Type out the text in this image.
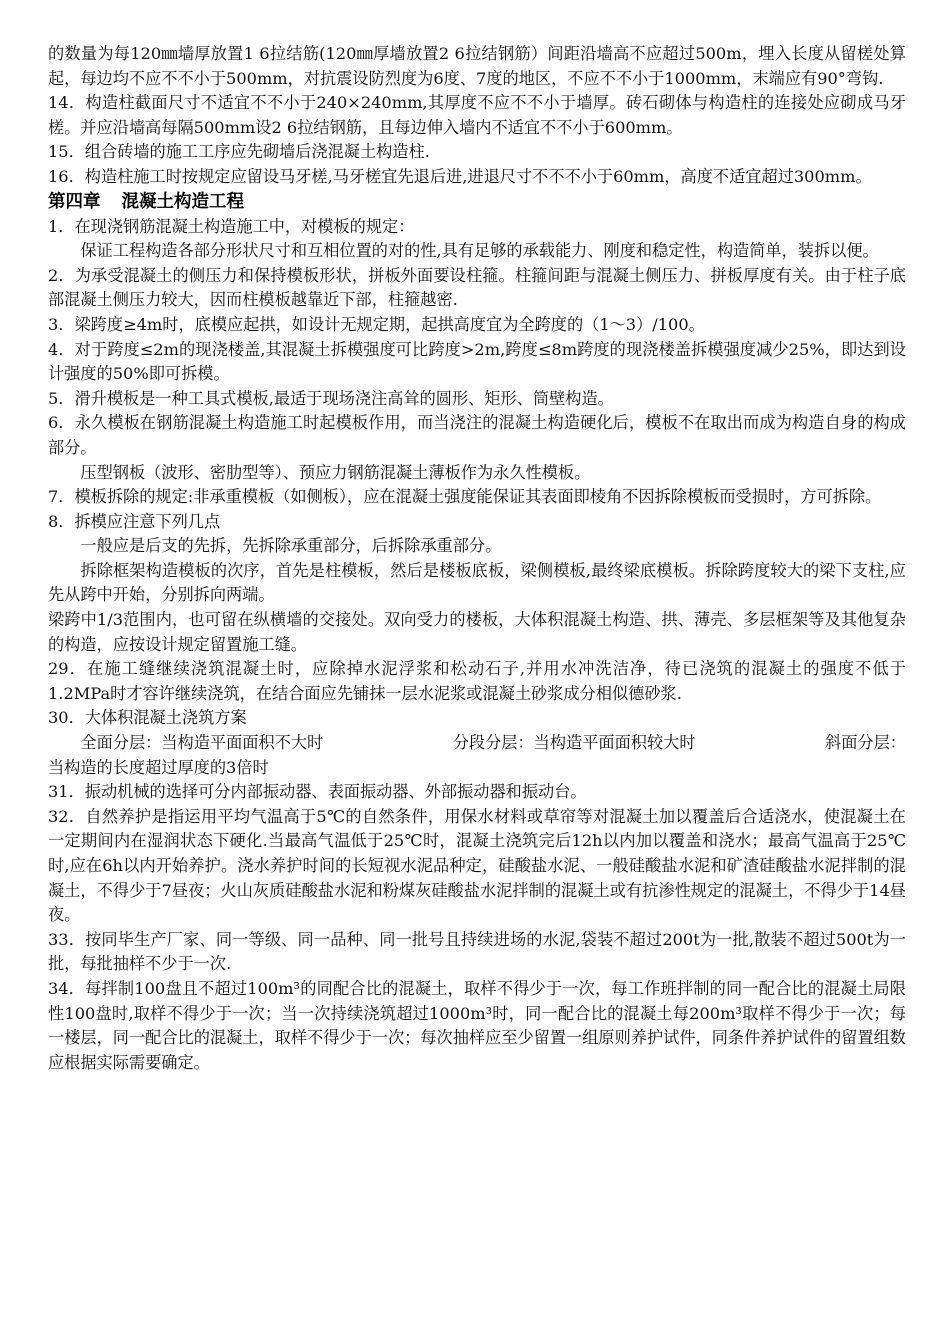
的数量为每120㎜墙厚放置1 6拉结筋(120㎜厚墙放置2 6拉结钢筋）间距沿墙高不应超过500m，埋入长度从留槎处算起，每边均不应不不小于500mm，对抗震设防烈度为6度、7度的地区，不应不不小于1000mm，末端应有90°弯钩.

14．构造柱截面尺寸不适宜不不小于240×240mm,其厚度不应不不小于墙厚。砖石砌体与构造柱的连接处应砌成马牙槎。并应沿墙高每隔500mm设2 6拉结钢筋，且每边伸入墙内不适宜不不小于600mm。

15．组合砖墙的施工工序应先砌墙后浇混凝土构造柱.

16．构造柱施工时按规定应留设马牙槎,马牙槎宜先退后进,进退尺寸不不不小于60mm，高度不适宜超过300mm。

第四章 混凝土构造工程

1．在现浇钢筋混凝土构造施工中，对模板的规定：

保证工程构造各部分形状尺寸和互相位置的对的性,具有足够的承载能力、刚度和稳定性，构造简单，装拆以便。

2．为承受混凝土的侧压力和保持模板形状，拼板外面要设柱箍。柱箍间距与混凝土侧压力、拼板厚度有关。由于柱子底部混凝土侧压力较大，因而柱模板越靠近下部，柱箍越密.

3．梁跨度≥4m时，底模应起拱，如设计无规定期，起拱高度宜为全跨度的（1～3）/100。

4．对于跨度≤2m的现浇楼盖,其混凝土拆模强度可比跨度>2m,跨度≤8m跨度的现浇楼盖拆模强度减少25%，即达到设计强度的50%即可拆模。

5．滑升模板是一种工具式模板,最适于现场浇注高耸的圆形、矩形、筒壁构造。

6．永久模板在钢筋混凝土构造施工时起模板作用，而当浇注的混凝土构造硬化后，模板不在取出而成为构造自身的构成部分。

压型钢板（波形、密肋型等）、预应力钢筋混凝土薄板作为永久性模板。

7．模板拆除的规定:非承重模板（如侧板），应在混凝土强度能保证其表面即棱角不因拆除模板而受损时，方可拆除。

8．拆模应注意下列几点

一般应是后支的先拆，先拆除承重部分，后拆除承重部分。

拆除框架构造模板的次序，首先是柱模板，然后是楼板底板，梁侧模板,最终梁底模板。拆除跨度较大的梁下支柱,应先从跨中开始，分别拆向两端。

梁跨中1/3范围内，也可留在纵横墙的交接处。双向受力的楼板，大体积混凝土构造、拱、薄壳、多层框架等及其他复杂的构造，应按设计规定留置施工缝。

29．在施工缝继续浇筑混凝土时，应除掉水泥浮浆和松动石子,并用水冲洗洁净，待已浇筑的混凝土的强度不低于1.2MPa时才容许继续浇筑，在结合面应先铺抹一层水泥浆或混凝土砂浆成分相似德砂浆.

30．大体积混凝土浇筑方案

全面分层：当构造平面面积不大时	分段分层：当构造平面面积较大时	斜面分层：

当构造的长度超过厚度的3倍时

31．振动机械的选择可分内部振动器、表面振动器、外部振动器和振动台。

32．自然养护是指运用平均气温高于5℃的自然条件，用保水材料或草帘等对混凝土加以覆盖后合适浇水，使混凝土在一定期间内在湿润状态下硬化.当最高气温低于25℃时，混凝土浇筑完后12h以内加以覆盖和浇水；最高气温高于25℃时,应在6h以内开始养护。浇水养护时间的长短视水泥品种定，硅酸盐水泥、一般硅酸盐水泥和矿渣硅酸盐水泥拌制的混凝土，不得少于7昼夜；火山灰质硅酸盐水泥和粉煤灰硅酸盐水泥拌制的混凝土或有抗渗性规定的混凝土，不得少于14昼夜。

33．按同毕生产厂家、同一等级、同一品种、同一批号且持续进场的水泥,袋装不超过200t为一批,散装不超过500t为一批，每批抽样不少于一次.

34．每拌制100盘且不超过100m³的同配合比的混凝土，取样不得少于一次，每工作班拌制的同一配合比的混凝土局限性100盘时,取样不得少于一次；当一次持续浇筑超过1000m³时，同一配合比的混凝土每200m³取样不得少于一次；每一楼层，同一配合比的混凝土，取样不得少于一次；每次抽样应至少留置一组原则养护试件，同条件养护试件的留置组数应根据实际需要确定。
